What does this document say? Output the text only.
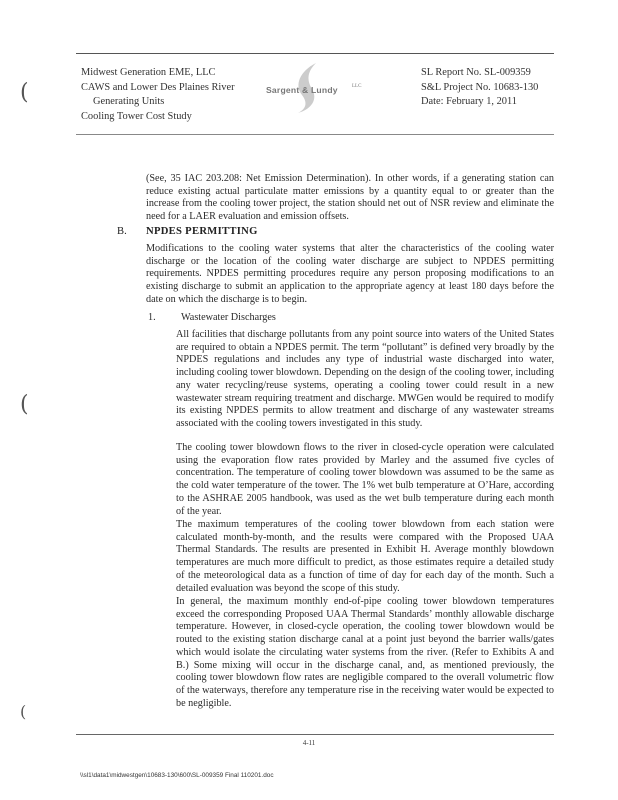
Midwest Generation EME, LLC
CAWS and Lower Des Plaines River
Generating Units
Cooling Tower Cost Study
Sargent & Lundy	LLC
SL Report No. SL-009359
S&L Project No. 10683-130
Date: February 1, 2011
(
(
(
(See, 35 IAC 203.208: Net Emission Determination). In other words, if a generating station can reduce existing actual particulate matter emissions by a quantity equal to or greater than the increase from the cooling tower project, the station should net out of NSR review and eliminate the need for a LAER evaluation and emission offsets.
B. NPDES PERMITTING
Modifications to the cooling water systems that alter the characteristics of the cooling water discharge or the location of the cooling water discharge are subject to NPDES permitting requirements. NPDES permitting procedures require any person proposing modifications to an existing discharge to submit an application to the appropriate agency at least 180 days before the date on which the discharge is to begin.
1. Wastewater Discharges
All facilities that discharge pollutants from any point source into waters of the United States are required to obtain a NPDES permit. The term “pollutant” is defined very broadly by the NPDES regulations and includes any type of industrial waste discharged into water, including cooling tower blowdown. Depending on the design of the cooling tower, including any water recycling/reuse systems, operating a cooling tower could result in a new wastewater stream requiring treatment and discharge. MWGen would be required to modify its existing NPDES permits to allow treatment and discharge of any wastewater streams associated with the cooling towers investigated in this study.
The cooling tower blowdown flows to the river in closed-cycle operation were calculated using the evaporation flow rates provided by Marley and the assumed five cycles of concentration. The temperature of cooling tower blowdown was assumed to be the same as the cold water temperature of the tower. The 1% wet bulb temperature at O’Hare, according to the ASHRAE 2005 handbook, was used as the wet bulb temperature during each month of the year.
The maximum temperatures of the cooling tower blowdown from each station were calculated month-by-month, and the results were compared with the Proposed UAA Thermal Standards. The results are presented in Exhibit H. Average monthly blowdown temperatures are much more difficult to predict, as those estimates require a detailed study of the meteorological data as a function of time of day for each day of the month. Such a detailed evaluation was beyond the scope of this study.
In general, the maximum monthly end-of-pipe cooling tower blowdown temperatures exceed the corresponding Proposed UAA Thermal Standards’ monthly allowable discharge temperature. However, in closed-cycle operation, the cooling tower blowdown would be routed to the existing station discharge canal at a point just beyond the barrier walls/gates which would isolate the circulating water systems from the river. (Refer to Exhibits A and B.) Some mixing will occur in the discharge canal, and, as mentioned previously, the cooling tower blowdown flow rates are negligible compared to the overall volumetric flow of the waterways, therefore any temperature rise in the receiving water would be expected to be negligible.
4-11
\\sl1\data1\midwestgen\10683-130\600\SL-009359 Final 110201.doc
